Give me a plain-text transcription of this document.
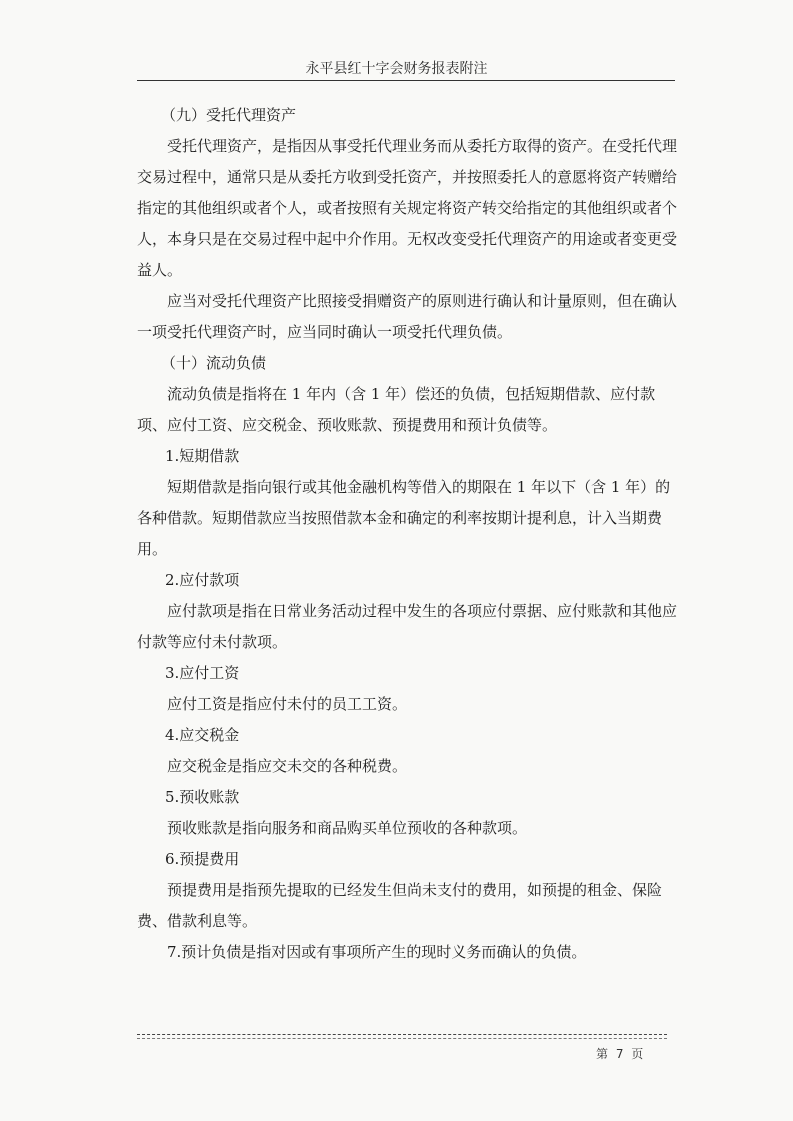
永平县红十字会财务报表附注

（九）受托代理资产

受托代理资产，是指因从事受托代理业务而从委托方取得的资产。在受托代理交易过程中，通常只是从委托方收到受托资产，并按照委托人的意愿将资产转赠给指定的其他组织或者个人，或者按照有关规定将资产转交给指定的其他组织或者个人，本身只是在交易过程中起中介作用。无权改变受托代理资产的用途或者变更受益人。

应当对受托代理资产比照接受捐赠资产的原则进行确认和计量原则，但在确认一项受托代理资产时，应当同时确认一项受托代理负债。

（十）流动负债

流动负债是指将在 1 年内（含 1 年）偿还的负债，包括短期借款、应付款项、应付工资、应交税金、预收账款、预提费用和预计负债等。

1.短期借款

短期借款是指向银行或其他金融机构等借入的期限在 1 年以下（含 1 年）的各种借款。短期借款应当按照借款本金和确定的利率按期计提利息，计入当期费用。

2.应付款项

应付款项是指在日常业务活动过程中发生的各项应付票据、应付账款和其他应付款等应付未付款项。

3.应付工资

应付工资是指应付未付的员工工资。

4.应交税金

应交税金是指应交未交的各种税费。

5.预收账款

预收账款是指向服务和商品购买单位预收的各种款项。

6.预提费用

预提费用是指预先提取的已经发生但尚未支付的费用，如预提的租金、保险费、借款利息等。

7.预计负债是指对因或有事项所产生的现时义务而确认的负债。

第 7 页
